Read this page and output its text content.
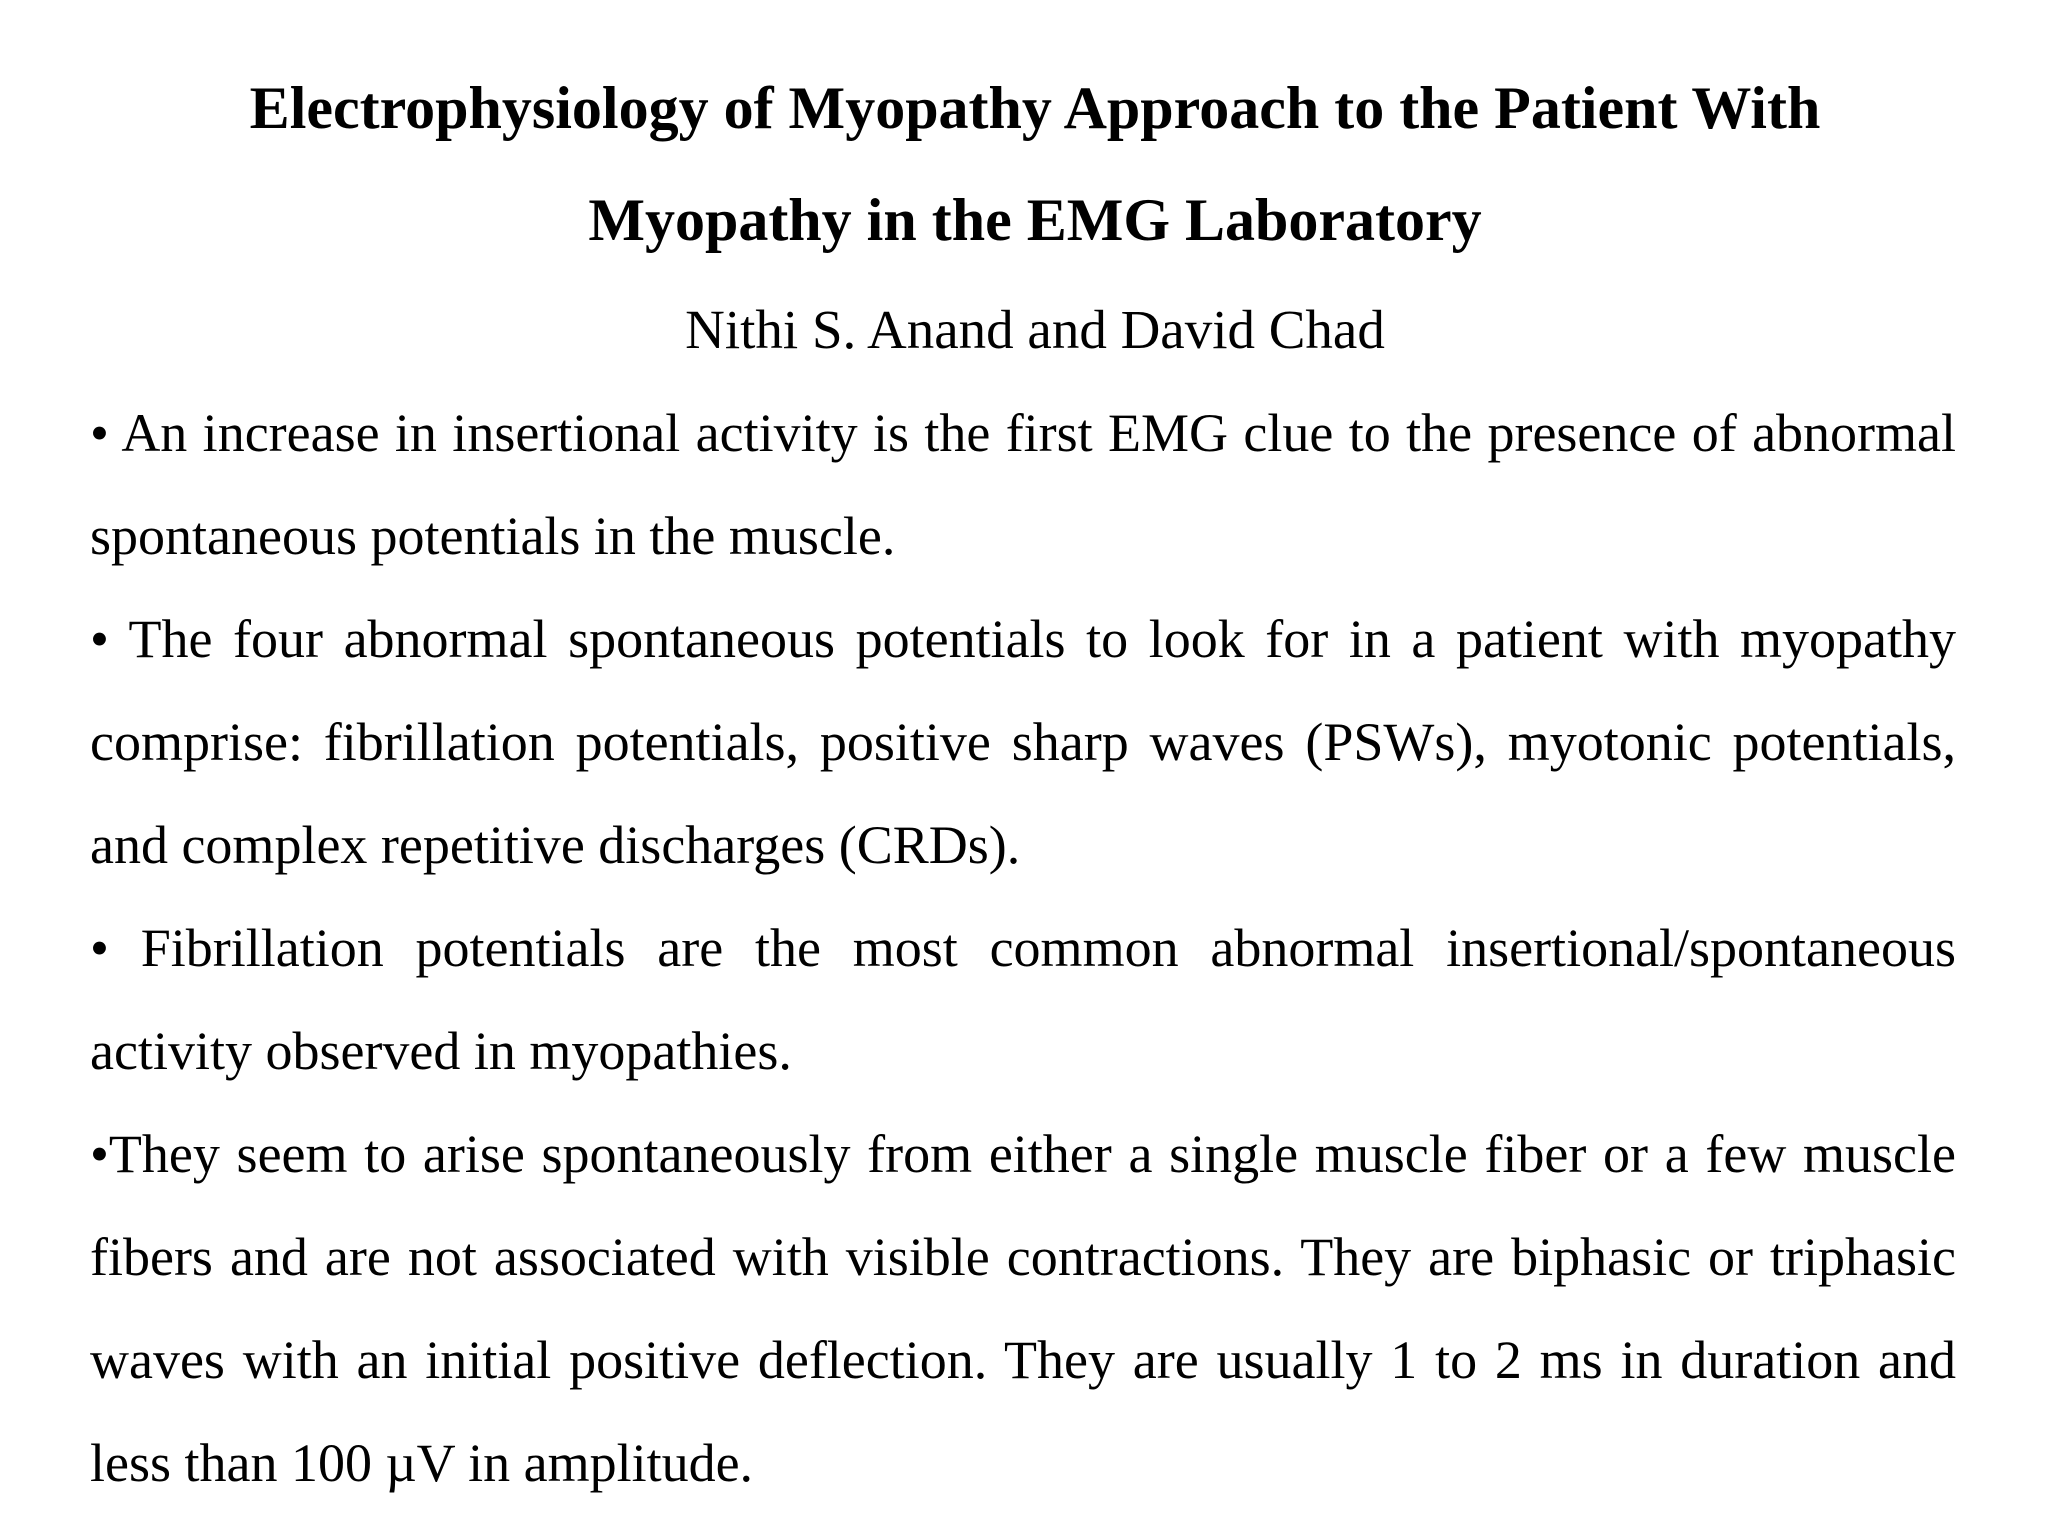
Electrophysiology of Myopathy Approach to the Patient With
Myopathy in the EMG Laboratory

Nithi S. Anand and David Chad

• An increase in insertional activity is the first EMG clue to the presence of abnormal spontaneous potentials in the muscle.
• The four abnormal spontaneous potentials to look for in a patient with myopathy comprise: fibrillation potentials, positive sharp waves (PSWs), myotonic potentials, and complex repetitive discharges (CRDs).
• Fibrillation potentials are the most common abnormal insertional/spontaneous activity observed in myopathies.
•They seem to arise spontaneously from either a single muscle fiber or a few muscle fibers and are not associated with visible contractions. They are biphasic or triphasic waves with an initial positive deflection. They are usually 1 to 2 ms in duration and less than 100 µV in amplitude.
